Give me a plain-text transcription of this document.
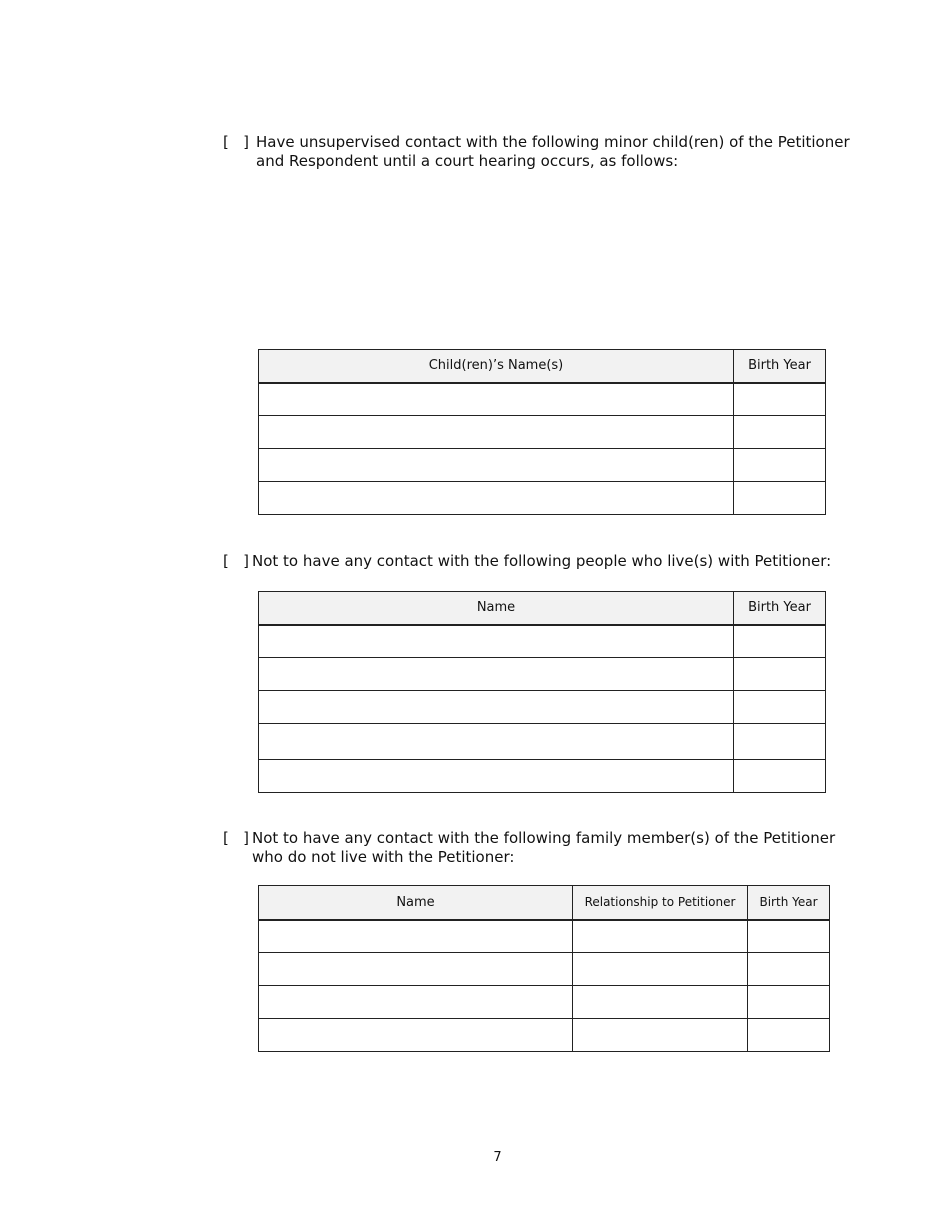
[   ] Have unsupervised contact with the following minor child(ren) of the Petitioner and Respondent until a court hearing occurs, as follows:
Child(ren)’s Name(s)	Birth Year

[   ] Not to have any contact with the following people who live(s) with Petitioner:
Name	Birth Year

[   ] Not to have any contact with the following family member(s) of the Petitioner who do not live with the Petitioner:
Name	Relationship to Petitioner	Birth Year

7
